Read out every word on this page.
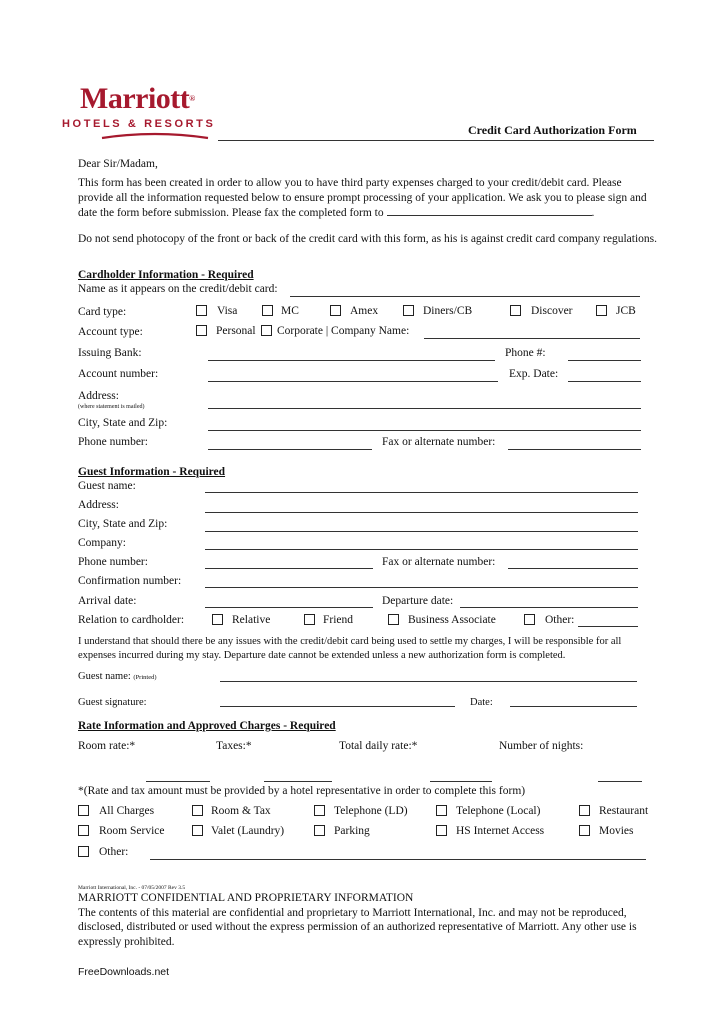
Marriott®
HOTELS & RESORTS	Credit Card Authorization Form
Dear Sir/Madam,
This form has been created in order to allow you to have third party expenses charged to your credit/debit card. Please
provide all the information requested below to ensure prompt processing of your application. We ask you to please sign and
date the form before submission. Please fax the completed form to	.
Do not send photocopy of the front or back of the credit card with this form, as his is against credit card company regulations.
Cardholder Information - Required
Name as it appears on the credit/debit card:
Card type:	Visa	MC	Amex	Diners/CB	Discover	JCB
Account type:	Personal Corporate | Company Name:
Issuing Bank:	Phone #:
Account number:	Exp. Date:
Address:
(where statement is mailed)
City, State and Zip:
Phone number:	Fax or alternate number:
Guest Information - Required
Guest name:
Address:
City, State and Zip:
Company:
Phone number:	Fax or alternate number:
Confirmation number:
Arrival date:	Departure date:
Relation to cardholder:	Relative	Friend	Business Associate	Other:
I understand that should there be any issues with the credit/debit card being used to settle my charges, I will be responsible for all
expenses incurred during my stay. Departure date cannot be extended unless a new authorization form is completed.
Guest name: (Printed)
Guest signature:	Date:
Rate Information and Approved Charges - Required
Room rate:*	Taxes:*	Total daily rate:*	Number of nights:
*(Rate and tax amount must be provided by a hotel representative in order to complete this form)
All Charges	Room & Tax	Telephone (LD)	Telephone (Local)	Restaurant
Room Service	Valet (Laundry)	Parking	HS Internet Access	Movies
Other:
Marriott International, Inc. - 07/05/2007 Rev 3.5
MARRIOTT CONFIDENTIAL AND PROPRIETARY INFORMATION
The contents of this material are confidential and proprietary to Marriott International, Inc. and may not be reproduced,
disclosed, distributed or used without the express permission of an authorized representative of Marriott. Any other use is
expressly prohibited.
FreeDownloads.net
